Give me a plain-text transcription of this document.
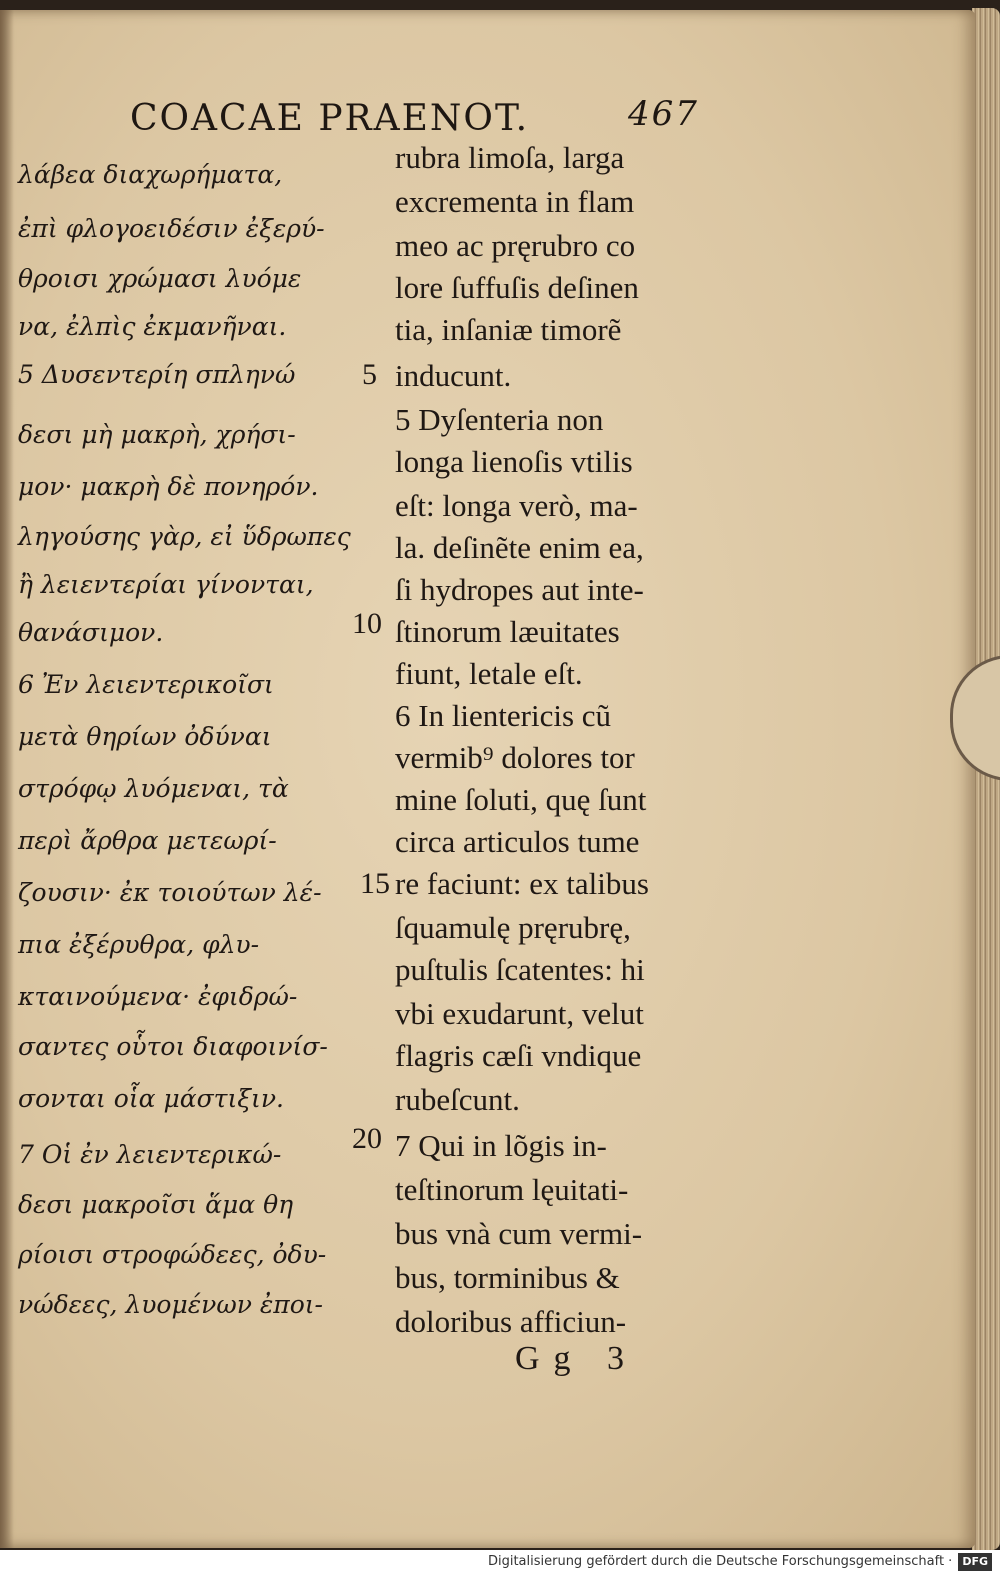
COACAE PRAENOT.	467
λάβεα διαχωρήματα,
ἐπὶ φλογοειδέσιν ἐξερύ-
θροισι χρώμασι λυόμε
να, ἐλπὶς ἐκμανῆναι.
5 Δυσεντερίη σπληνώ
δεσι μὴ μακρὴ, χρήσι-
μον· μακρὴ δὲ πονηρόν.
ληγούσης γὰρ, εἰ ὕδρωπες
ἢ λειεντερίαι γίνονται,
θανάσιμον.
6 Ἐν λειεντερικοῖσι
μετὰ θηρίων ὀδύναι
στρόφῳ λυόμεναι, τὰ
περὶ ἄρθρα μετεωρί-
ζουσιν· ἐκ τοιούτων λέ-
πια ἐξέρυθρα, φλυ-
κταινούμενα· ἐφιδρώ-
σαντες οὗτοι διαφοινίσ-
σονται οἷα μάστιξιν.
7 Οἱ ἐν λειεντερικώ-
δεσι μακροῖσι ἅμα θη
ρίοισι στροφώδεες, ὀδυ-
νώδεες, λυομένων ἐποι-
rubra limoſa, larga
excrementa in flam
meo ac pręrubro co
lore ſuffuſis deſinen
tia, inſaniæ timorẽ
inducunt.
5 Dyſenteria non
longa lienoſis vtilis
eſt: longa verò, ma-
la. deſinẽte enim ea,
ſi hydropes aut inte-
ſtinorum læuitates
fiunt, letale eſt.
6 In lientericis cũ
vermib⁹ dolores tor
mine ſoluti, quę ſunt
circa articulos tume
re faciunt: ex talibus
ſquamulę pręrubrę,
puſtulis ſcatentes: hi
vbi exudarunt, velut
flagris cæſi vndique
rubeſcunt.
7 Qui in lõgis in-
teſtinorum lęuitati-
bus vnà cum vermi-
bus, torminibus &
doloribus afficiun-
5
10
15
20
Gg 3
Digitalisierung gefördert durch die Deutsche Forschungsgemeinschaft · DFG
